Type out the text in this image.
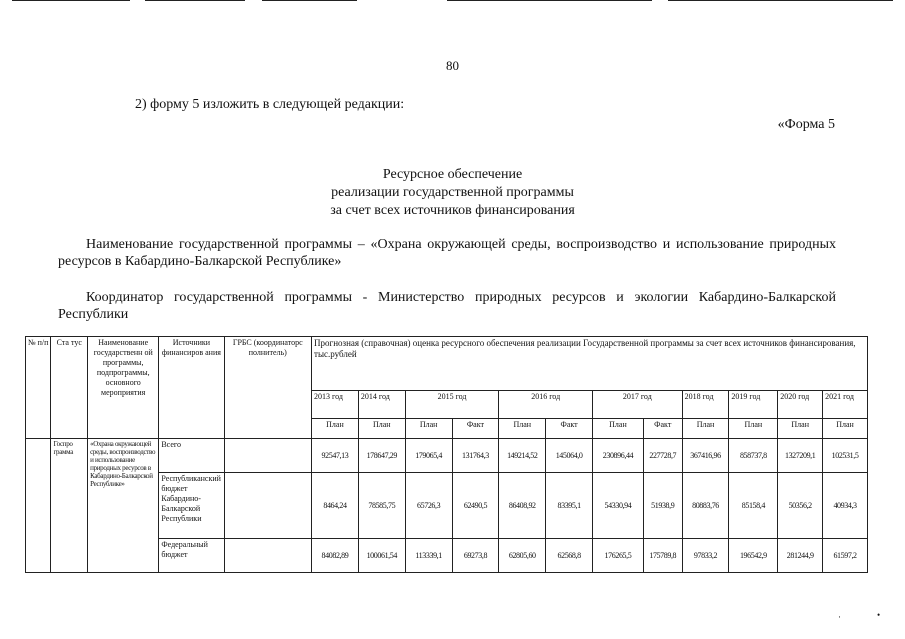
80
2) форму 5 изложить в следующей редакции:
«Форма 5
Ресурсное обеспечение
реализации государственной программы
за счет всех источников финансирования
Наименование государственной программы – «Охрана окружающей среды, воспроизводство и использование природных ресурсов в Кабардино-Балкарской Республике»
Координатор государственной программы - Министерство природных ресурсов и экологии Кабардино-Балкарской Республики
№ п/п	Ста тус	Наименование государственн ой программы, подпрограммы, основного мероприятия	Источники финансиров ания	ГРБС (координаторс полнитель)	Прогнозная (справочная) оценка ресурсного обеспечения реализации Государственной программы за счет всех источников финансирования, тыс.рублей											
					2013 год	2014 год	2015 год		2016 год		2017 год		2018 год	2019 год	2020 год	2021 год
					План	План	План	Факт	План	Факт	План	Факт	План	План	План	План
	Госпро грамма	«Охрана окружающей среды, воспроизводство и использование природных ресурсов в Кабардино-Балкарской Республике»	Всего		92547,13	178647,29	179065,4	131764,3	149214,52	145064,0	230896,44	227728,7	367416,96	858737,8	1327209,1	102531,5
			Республиканский бюджет Кабардино-Балкарской Республики		8464,24	78585,75	65726,3	62490,5	86408,92	83395,1	54330,94	51938,9	80883,76	85158,4	50356,2	40934,3
			Федеральный бюджет		84082,89	100061,54	113339,1	69273,8	62805,60	62568,8	176265,5	175789,8	97833,2	196542,9	281244,9	61597,2
·	•
